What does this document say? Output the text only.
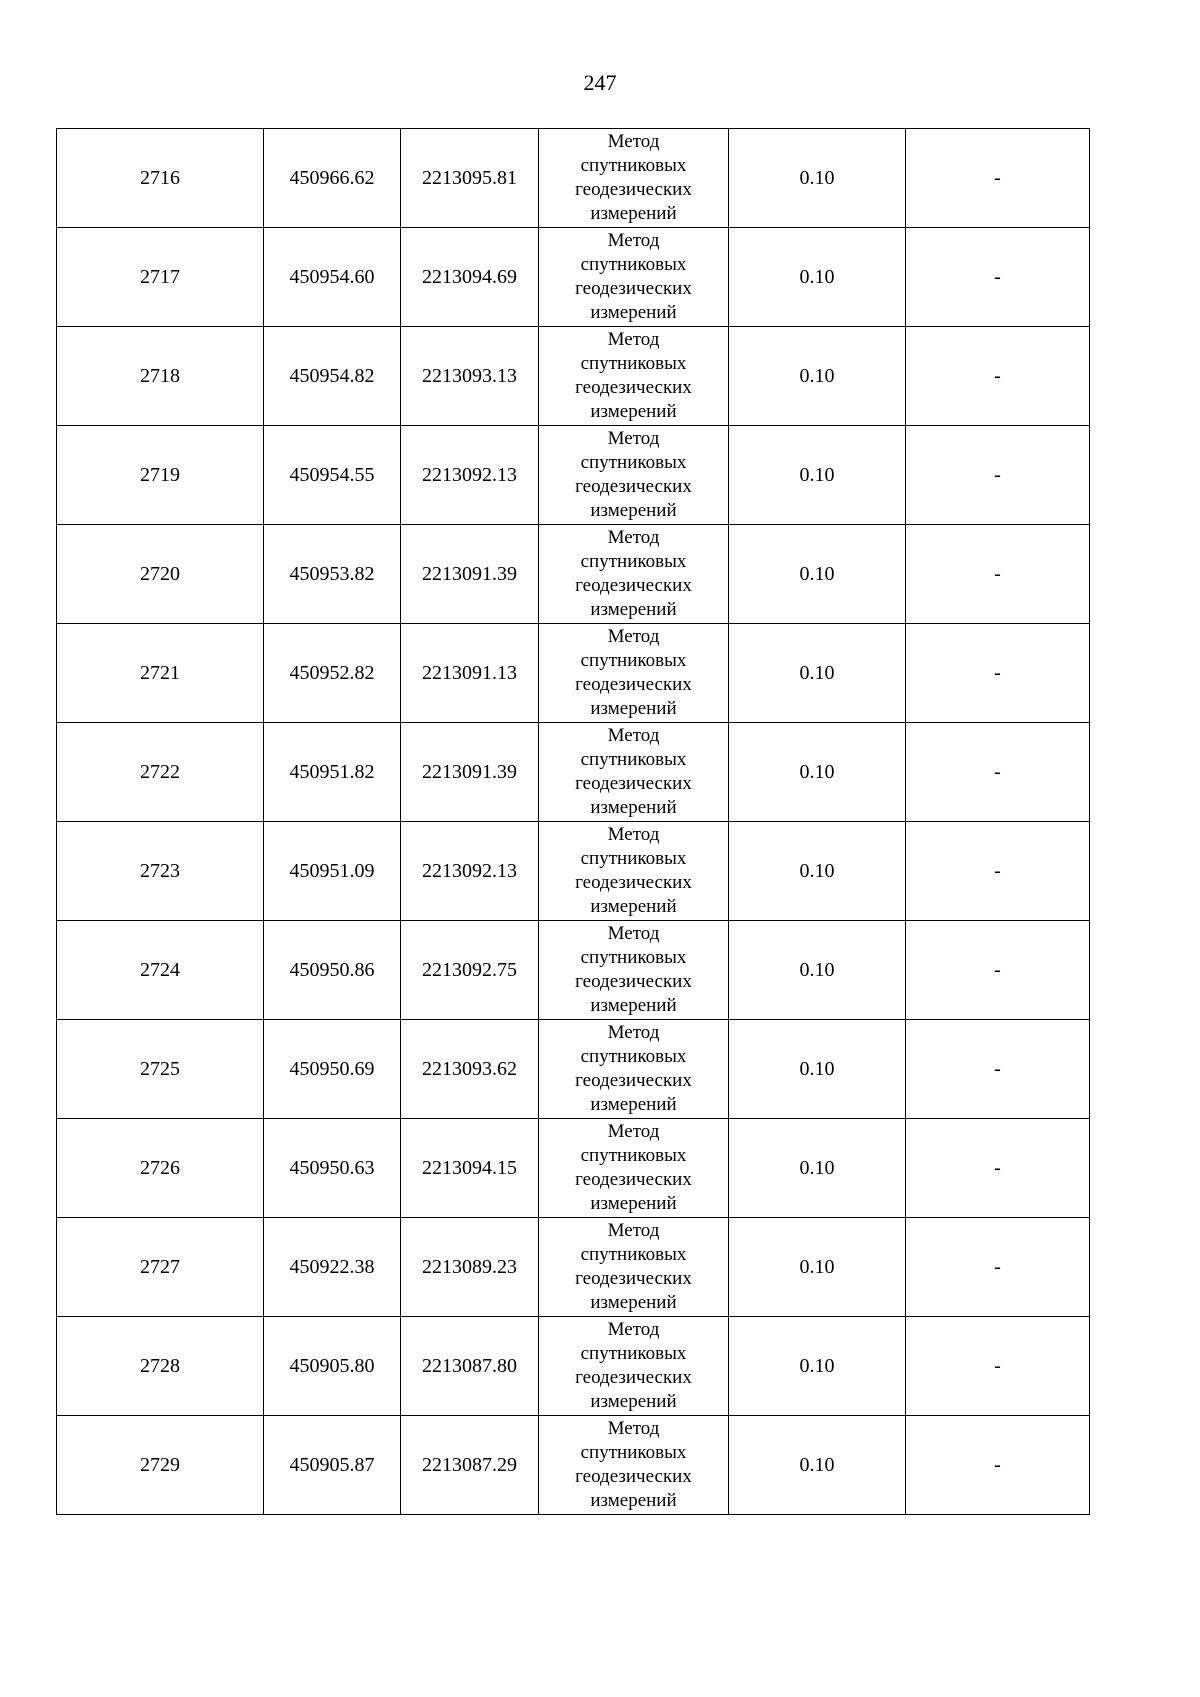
247
2716	450966.62	2213095.81	Метод
спутниковых
геодезических
измерений	0.10	-
2717	450954.60	2213094.69	Метод
спутниковых
геодезических
измерений	0.10	-
2718	450954.82	2213093.13	Метод
спутниковых
геодезических
измерений	0.10	-
2719	450954.55	2213092.13	Метод
спутниковых
геодезических
измерений	0.10	-
2720	450953.82	2213091.39	Метод
спутниковых
геодезических
измерений	0.10	-
2721	450952.82	2213091.13	Метод
спутниковых
геодезических
измерений	0.10	-
2722	450951.82	2213091.39	Метод
спутниковых
геодезических
измерений	0.10	-
2723	450951.09	2213092.13	Метод
спутниковых
геодезических
измерений	0.10	-
2724	450950.86	2213092.75	Метод
спутниковых
геодезических
измерений	0.10	-
2725	450950.69	2213093.62	Метод
спутниковых
геодезических
измерений	0.10	-
2726	450950.63	2213094.15	Метод
спутниковых
геодезических
измерений	0.10	-
2727	450922.38	2213089.23	Метод
спутниковых
геодезических
измерений	0.10	-
2728	450905.80	2213087.80	Метод
спутниковых
геодезических
измерений	0.10	-
2729	450905.87	2213087.29	Метод
спутниковых
геодезических
измерений	0.10	-
